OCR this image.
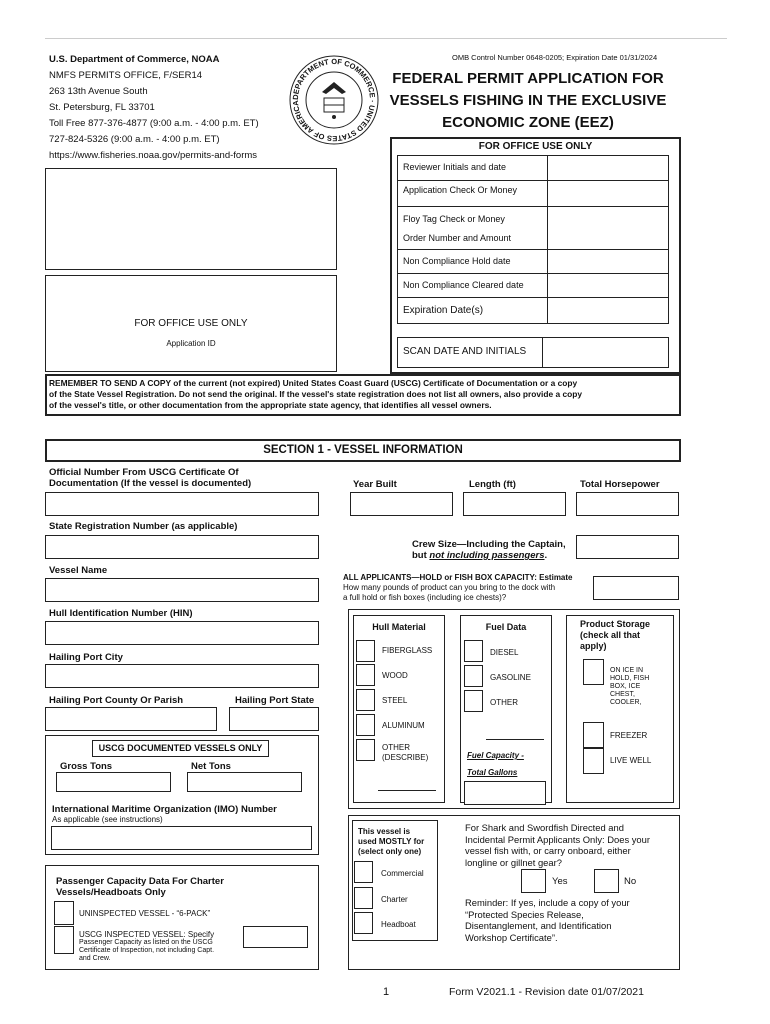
U.S. Department of Commerce, NOAA
NMFS PERMITS OFFICE, F/SER14
263 13th Avenue South
St. Petersburg, FL 33701
Toll Free 877-376-4877 (9:00 a.m. - 4:00 p.m. ET)
727-824-5326 (9:00 a.m. - 4:00 p.m. ET)
https://www.fisheries.noaa.gov/permits-and-forms
DEPARTMENT OF COMMERCE · UNITED STATES OF AMERICA
OMB Control Number 0648-0205; Expiration Date 01/31/2024
FEDERAL PERMIT APPLICATION FOR
VESSELS FISHING IN THE EXCLUSIVE
ECONOMIC ZONE (EEZ)
FOR OFFICE USE ONLY
Reviewer Initials and date
Application Check Or Money
Floy Tag Check or Money
Order Number and Amount
Non Compliance Hold date
Non Compliance Cleared date
Expiration Date(s)
SCAN DATE AND INITIALS
FOR OFFICE USE ONLY
Application ID
REMEMBER TO SEND A COPY of the current (not expired) United States Coast Guard (USCG) Certificate of Documentation or a copy
of the State Vessel Registration. Do not send the original. If the vessel's state registration does not list all owners, also provide a copy
of the vessel's title, or other documentation from the appropriate state agency, that identifies all vessel owners.
SECTION 1 - VESSEL INFORMATION
Official Number From USCG Certificate Of
Documentation (If the vessel is documented)	Year Built	Length (ft)	Total Horsepower
State Registration Number (as applicable)
Crew Size—Including the Captain,
but not including passengers.
Vessel Name
ALL APPLICANTS—HOLD or FISH BOX CAPACITY: Estimate
How many pounds of product can you bring to the dock with
a full hold or fish boxes (including ice chests)?
Hull Identification Number (HIN)
Hailing Port City
Hailing Port County Or Parish	Hailing Port State
USCG DOCUMENTED VESSELS ONLY
Gross Tons	Net Tons
International Maritime Organization (IMO) Number
As applicable (see instructions)
Passenger Capacity Data For Charter
Vessels/Headboats Only
UNINSPECTED VESSEL - “6-PACK”
USCG INSPECTED VESSEL: Specify
Passenger Capacity as listed on the USCG
Certificate of Inspection, not including Capt.
and Crew.
Hull Material
FIBERGLASS
WOOD
STEEL
ALUMINUM
OTHER
(DESCRIBE)
Fuel Data
DIESEL
GASOLINE
OTHER
Fuel Capacity -
Total Gallons
Product Storage
(check all that
apply)
ON ICE IN
HOLD, FISH
BOX, ICE
CHEST,
COOLER,
FREEZER
LIVE WELL
This vessel is
used MOSTLY for
(select only one)
Commercial
Charter
Headboat
For Shark and Swordfish Directed and
Incidental Permit Applicants Only: Does your
vessel fish with, or carry onboard, either
longline or gillnet gear?
Yes	No
Reminder: If yes, include a copy of your
“Protected Species Release,
Disentanglement, and Identification
Workshop Certificate”.
1	Form V2021.1 - Revision date 01/07/2021
